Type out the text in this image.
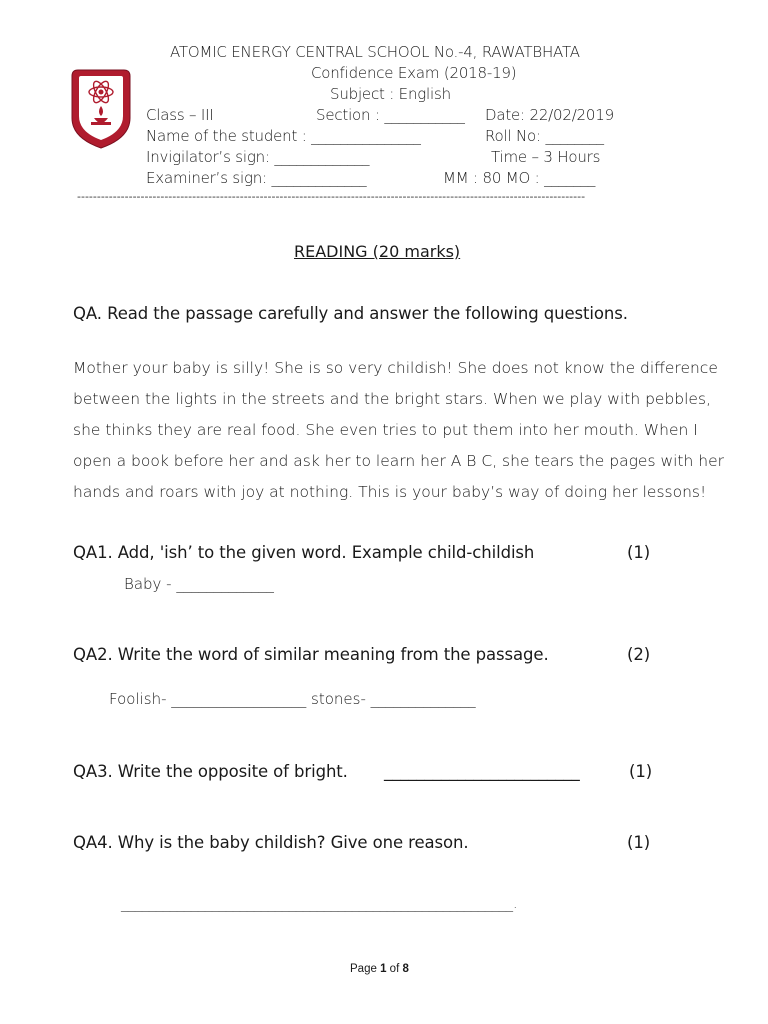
ATOMIC ENERGY CENTRAL SCHOOL No.-4, RAWATBHATA
Confidence Exam (2018-19)
Subject : English
Class – III	Section : ___________ Date: 22/02/2019
Name of the student : _______________	Roll No: ________
Invigilator’s sign: _____________	Time – 3 Hours
Examiner’s sign: _____________	MM : 80 MO : _______
--------------------------------------------------------------------------------------------------------------------------------
READING (20 marks)
QA. Read the passage carefully and answer the following questions.
Mother your baby is silly! She is so very childish! She does not know the difference
between the lights in the streets and the bright stars. When we play with pebbles,
she thinks they are real food. She even tries to put them into her mouth. When I
open a book before her and ask her to learn her A B C, she tears the pages with her
hands and roars with joy at nothing. This is your baby’s way of doing her lessons!
QA1. Add, 'ish’ to the given word. Example child-childish	(1)
Baby - _____________
QA2. Write the word of similar meaning from the passage.	(2)
Foolish- __________________ stones- ______________
QA3. Write the opposite of bright. ________________________	(1)
QA4. Why is the baby childish? Give one reason.	(1)
________________________________________________________.
Page 1 of 8
